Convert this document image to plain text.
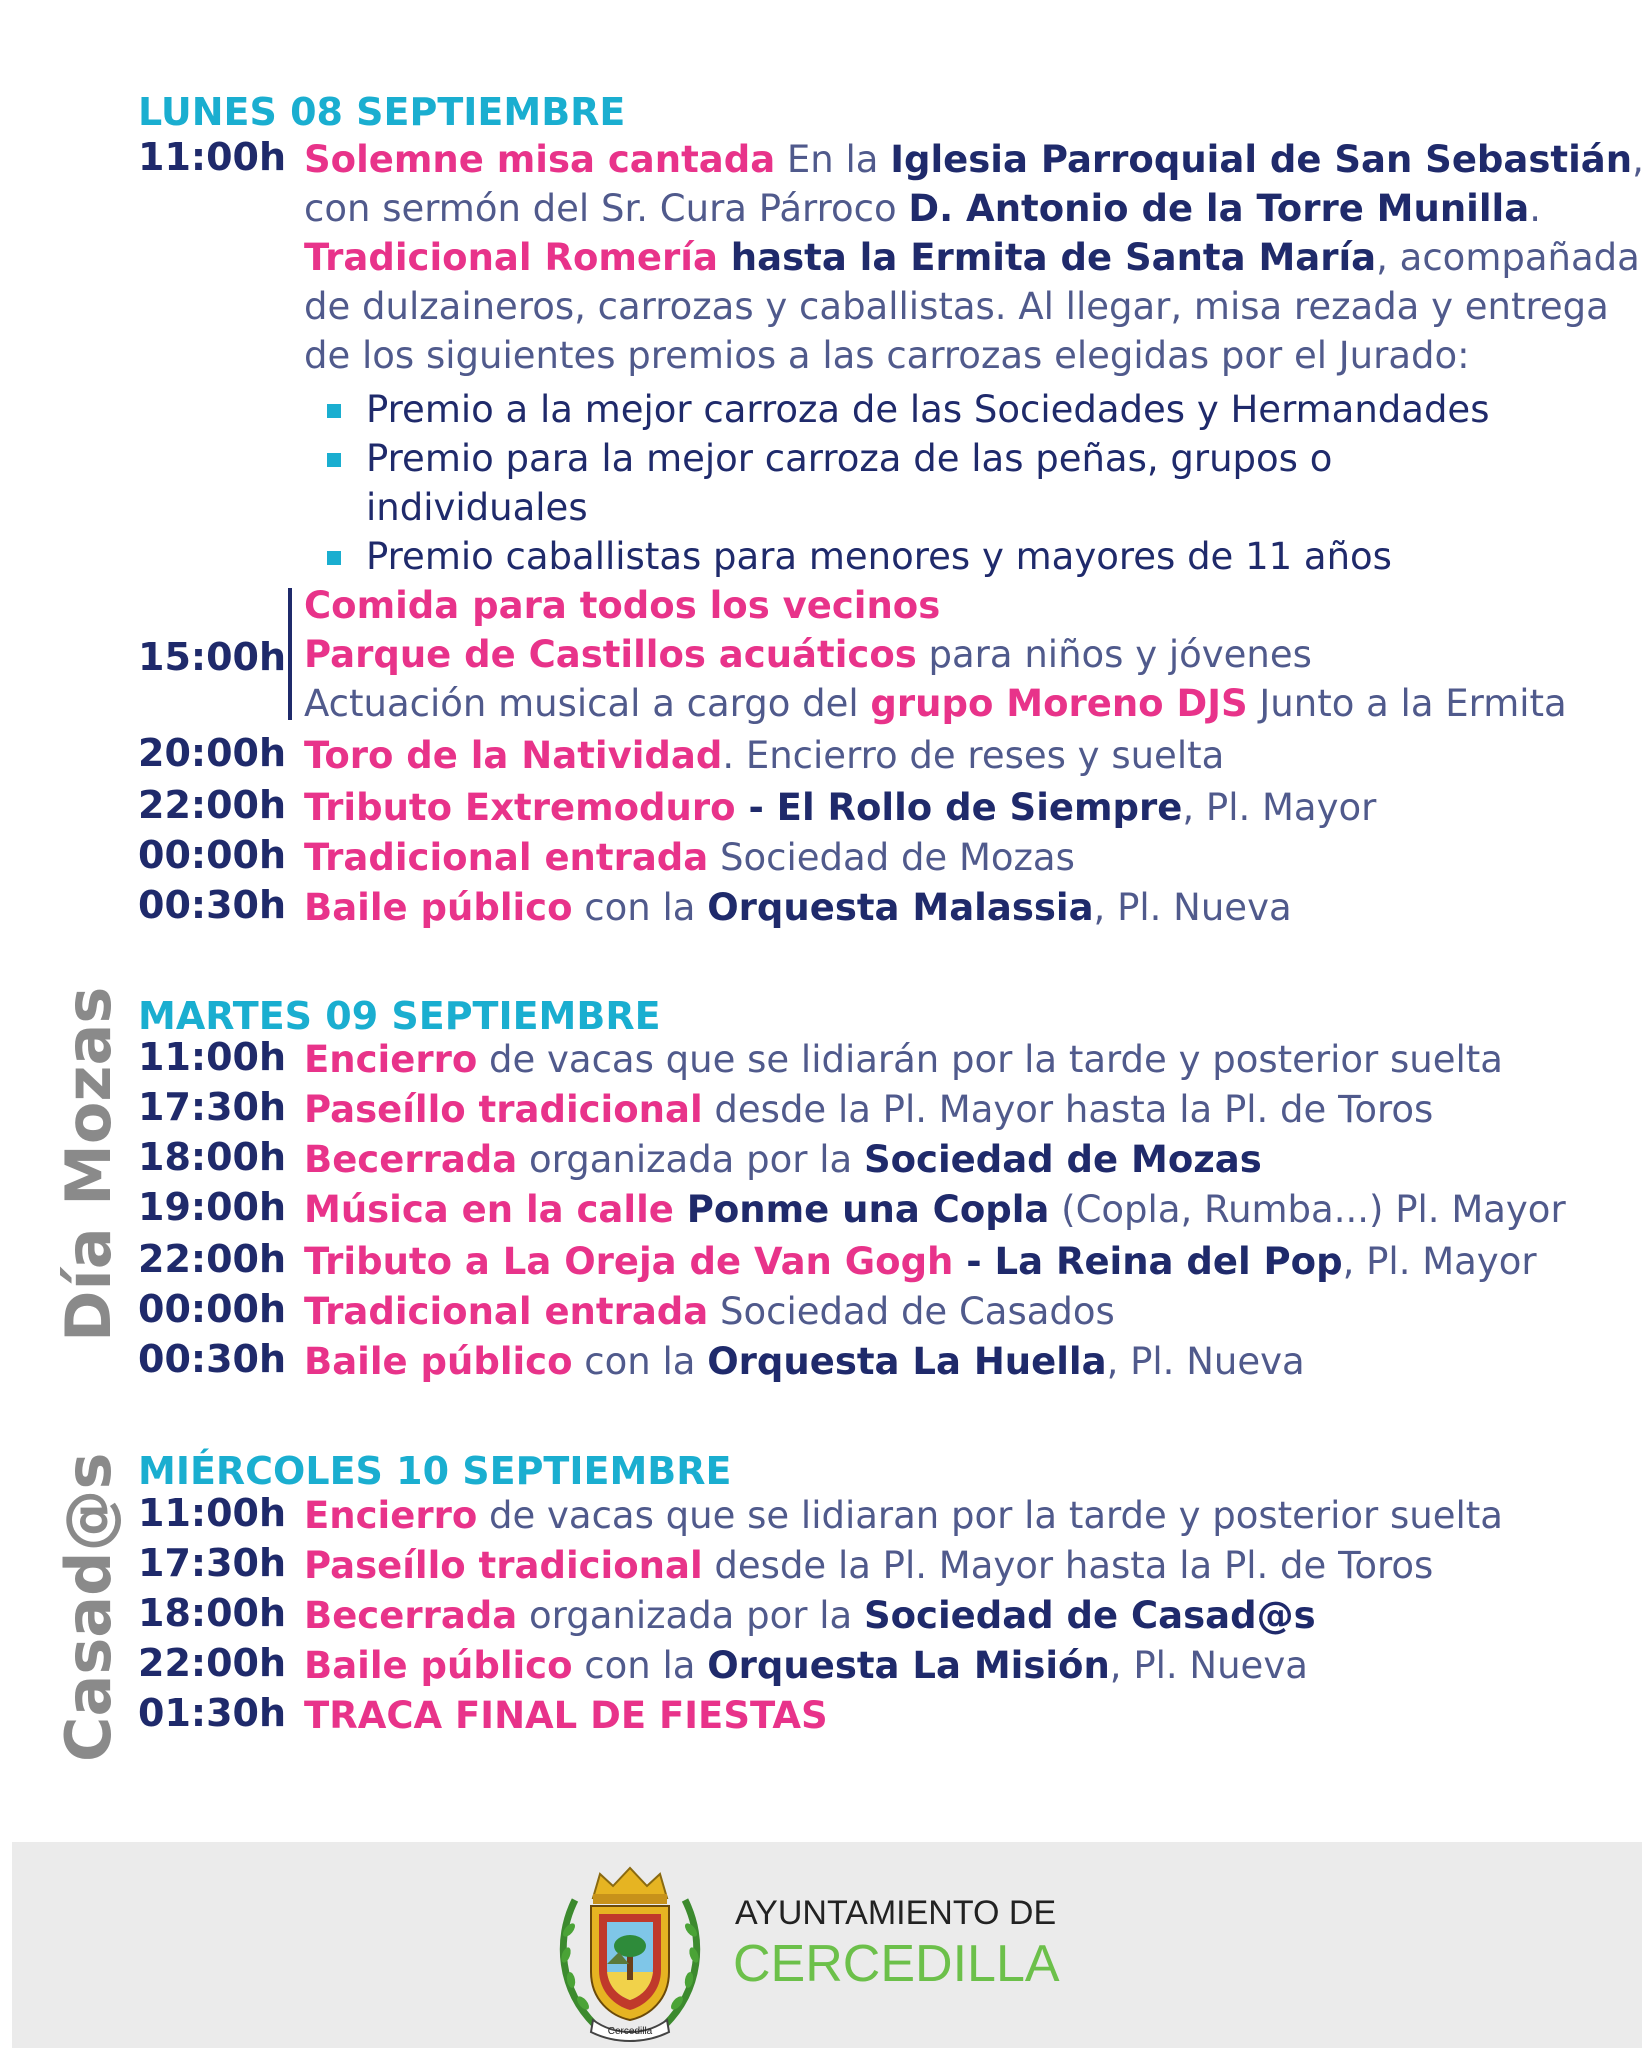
LUNES 08 SEPTIEMBRE
11:00h Solemne misa cantada En la Iglesia Parroquial de San Sebastián,
con sermón del Sr. Cura Párroco D. Antonio de la Torre Munilla.
Tradicional Romería hasta la Ermita de Santa María, acompañada
de dulzaineros, carrozas y caballistas. Al llegar, misa rezada y entrega
de los siguientes premios a las carrozas elegidas por el Jurado:
Premio a la mejor carroza de las Sociedades y Hermandades
Premio para la mejor carroza de las peñas, grupos o
individuales
Premio caballistas para menores y mayores de 11 años
15:00h
Comida para todos los vecinos
Parque de Castillos acuáticos para niños y jóvenes
Actuación musical a cargo del grupo Moreno DJS Junto a la Ermita
20:00h Toro de la Natividad. Encierro de reses y suelta
22:00h Tributo Extremoduro - El Rollo de Siempre, Pl. Mayor
00:00h Tradicional entrada Sociedad de Mozas
00:30h Baile público con la Orquesta Malassia, Pl. Nueva
Día Mozas MARTES 09 SEPTIEMBRE
11:00h Encierro de vacas que se lidiarán por la tarde y posterior suelta
17:30h Paseíllo tradicional desde la Pl. Mayor hasta la Pl. de Toros
18:00h Becerrada organizada por la Sociedad de Mozas
19:00h Música en la calle Ponme una Copla (Copla, Rumba...) Pl. Mayor
22:00h Tributo a La Oreja de Van Gogh - La Reina del Pop, Pl. Mayor
00:00h Tradicional entrada Sociedad de Casados
00:30h Baile público con la Orquesta La Huella, Pl. Nueva
Casad@s MIÉRCOLES 10 SEPTIEMBRE
11:00h Encierro de vacas que se lidiaran por la tarde y posterior suelta
17:30h Paseíllo tradicional desde la Pl. Mayor hasta la Pl. de Toros
18:00h Becerrada organizada por la Sociedad de Casad@s
22:00h Baile público con la Orquesta La Misión, Pl. Nueva
01:30h TRACA FINAL DE FIESTAS
Cercedilla
AYUNTAMIENTO DE
CERCEDILLA
